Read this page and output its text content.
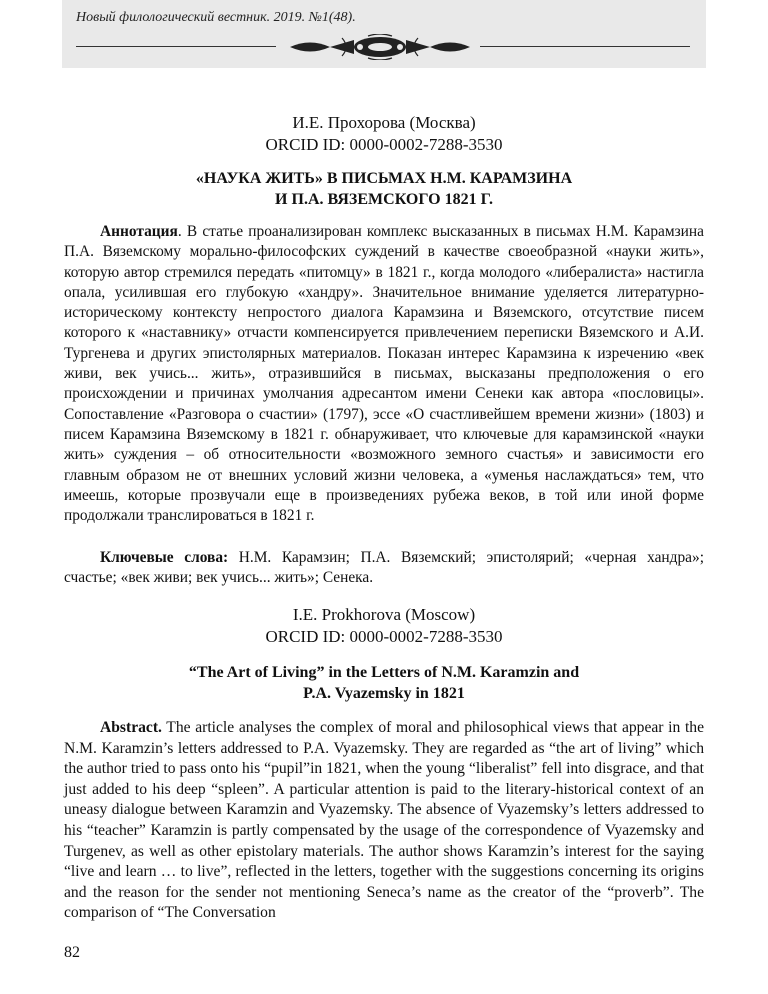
Новый филологический вестник. 2019. №1(48).
И.Е. Прохорова (Москва)
ORCID ID: 0000-0002-7288-3530
«НАУКА ЖИТЬ» В ПИСЬМАХ Н.М. КАРАМЗИНА
И П.А. ВЯЗЕМСКОГО 1821 Г.
Аннотация. В статье проанализирован комплекс высказанных в письмах Н.М. Карамзина П.А. Вяземскому морально-философских суждений в качестве своеобразной «науки жить», которую автор стремился передать «питомцу» в 1821 г., когда молодого «либералиста» настигла опала, усилившая его глубокую «хандру». Значительное внимание уделяется литературно-историческому контексту непростого диалога Карамзина и Вяземского, отсутствие писем которого к «наставнику» отчасти компенсируется привлечением переписки Вяземского и А.И. Тургенева и других эпистолярных материалов. Показан интерес Карамзина к изречению «век живи, век учись... жить», отразившийся в письмах, высказаны предположения о его происхождении и причинах умолчания адресантом имени Сенеки как автора «пословицы». Сопоставление «Разговора о счастии» (1797), эссе «О счастливейшем времени жизни» (1803) и писем Карамзина Вяземскому в 1821 г. обнаруживает, что ключевые для карамзинской «науки жить» суждения – об относительности «возможного земного счастья» и зависимости его главным образом не от внешних условий жизни человека, а «уменья наслаждаться» тем, что имеешь, которые прозвучали еще в произведениях рубежа веков, в той или иной форме продолжали транслироваться в 1821 г.
Ключевые слова: Н.М. Карамзин; П.А. Вяземский; эпистолярий; «черная хандра»; счастье; «век живи; век учись... жить»; Сенека.
I.E. Prokhorova (Moscow)
ORCID ID: 0000-0002-7288-3530
“The Art of Living” in the Letters of N.M. Karamzin and
P.A. Vyazemsky in 1821
Abstract. The article analyses the complex of moral and philosophical views that appear in the N.M. Karamzin’s letters addressed to P.A. Vyazemsky. They are regarded as “the art of living” which the author tried to pass onto his “pupil”in 1821, when the young “liberalist” fell into disgrace, and that just added to his deep “spleen”. A particular attention is paid to the literary-historical context of an uneasy dialogue between Karamzin and Vyazemsky. The absence of Vyazemsky’s letters addressed to his “teacher” Karamzin is partly compensated by the usage of the correspondence of Vyazemsky and Turgenev, as well as other epistolary materials. The author shows Karamzin’s interest for the saying “live and learn … to live”, reflected in the letters, together with the suggestions concerning its origins and the reason for the sender not mentioning Seneca’s name as the creator of the “proverb”. The comparison of “The Conversation
82
